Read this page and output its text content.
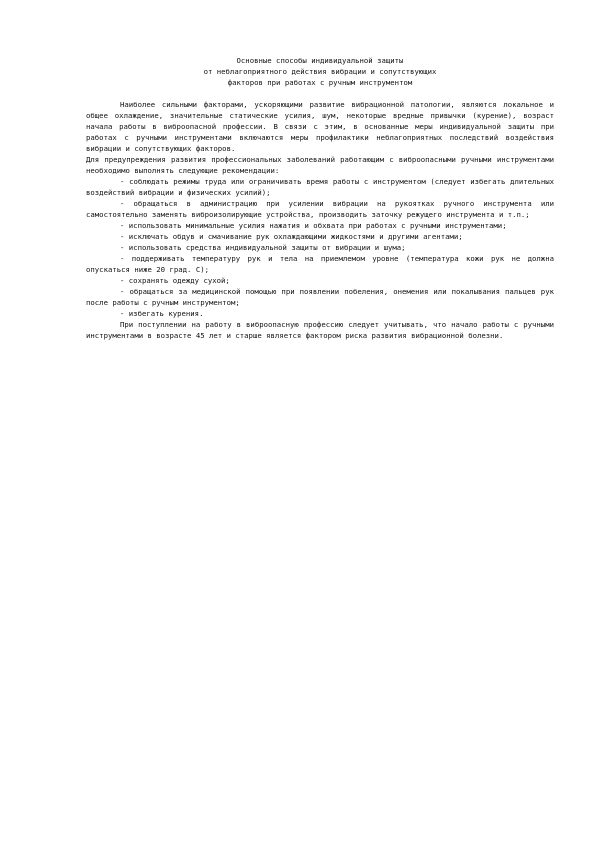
Основные способы индивидуальной защиты
от неблагоприятного действия вибрации и сопутствующих
факторов при работах с ручным инструментом

Наиболее сильными факторами, ускоряющими развитие вибрационной патологии, являются локальное и общее охлаждение, значительные статические усилия, шум, некоторые вредные привычки (курение), возраст начала работы в виброопасной профессии. В связи с этим, в основанные меры индивидуальной защиты при работах с ручными инструментами включаются меры профилактики неблагоприятных последствий воздействия вибрации и сопутствующих факторов.

Для предупреждения развития профессиональных заболеваний работающим с виброопасными ручными инструментами необходимо выполнять следующие рекомендации:

- соблюдать режимы труда или ограничивать время работы с инструментом (следует избегать длительных воздействий вибрации и физических усилий);

- обращаться в администрацию при усилении вибрации на рукоятках ручного инструмента или самостоятельно заменять виброизолирующие устройства, производить заточку режущего инструмента и т.п.;

- использовать минимальные усилия нажатия и обхвата при работах с ручными инструментами;

- исключать обдув и смачивание рук охлаждающими жидкостями и другими агентами;

- использовать средства индивидуальной защиты от вибрации и шума;

- поддерживать температуру рук и тела на приемлемом уровне (температура кожи рук не должна опускаться ниже 20 град. С);

- сохранять одежду сухой;

- обращаться за медицинской помощью при появлении побеления, онемения или покалывания пальцев рук после работы с ручным инструментом;

- избегать курения.

При поступлении на работу в виброопасную профессию следует учитывать, что начало работы с ручными инструментами в возрасте 45 лет и старше является фактором риска развития вибрационной болезни.
